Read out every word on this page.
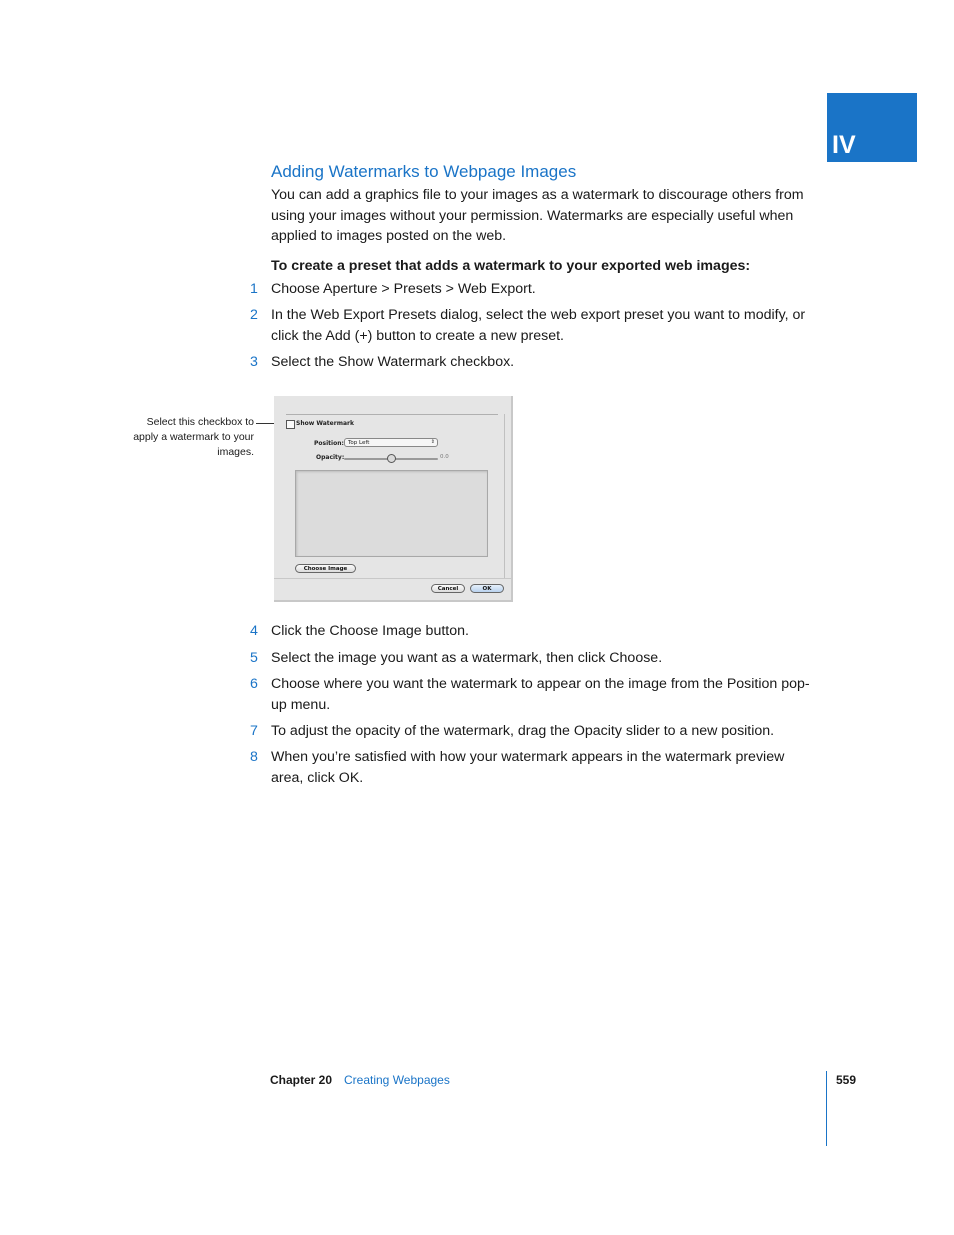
IV
Adding Watermarks to Webpage Images

You can add a graphics file to your images as a watermark to discourage others from using your images without your permission. Watermarks are especially useful when applied to images posted on the web.

To create a preset that adds a watermark to your exported web images:

1 Choose Aperture > Presets > Web Export.
2 In the Web Export Presets dialog, select the web export preset you want to modify, or click the Add (+) button to create a new preset.
3 Select the Show Watermark checkbox.
Select this checkbox to apply a watermark to your images.
Show Watermark
Position: Top Left	⇕
Opacity:	0.0
Choose Image
Cancel	OK
4 Click the Choose Image button.
5 Select the image you want as a watermark, then click Choose.
6 Choose where you want the watermark to appear on the image from the Position pop-up menu.
7 To adjust the opacity of the watermark, drag the Opacity slider to a new position.
8 When you’re satisfied with how your watermark appears in the watermark preview area, click OK.
Chapter 20 Creating Webpages	559
